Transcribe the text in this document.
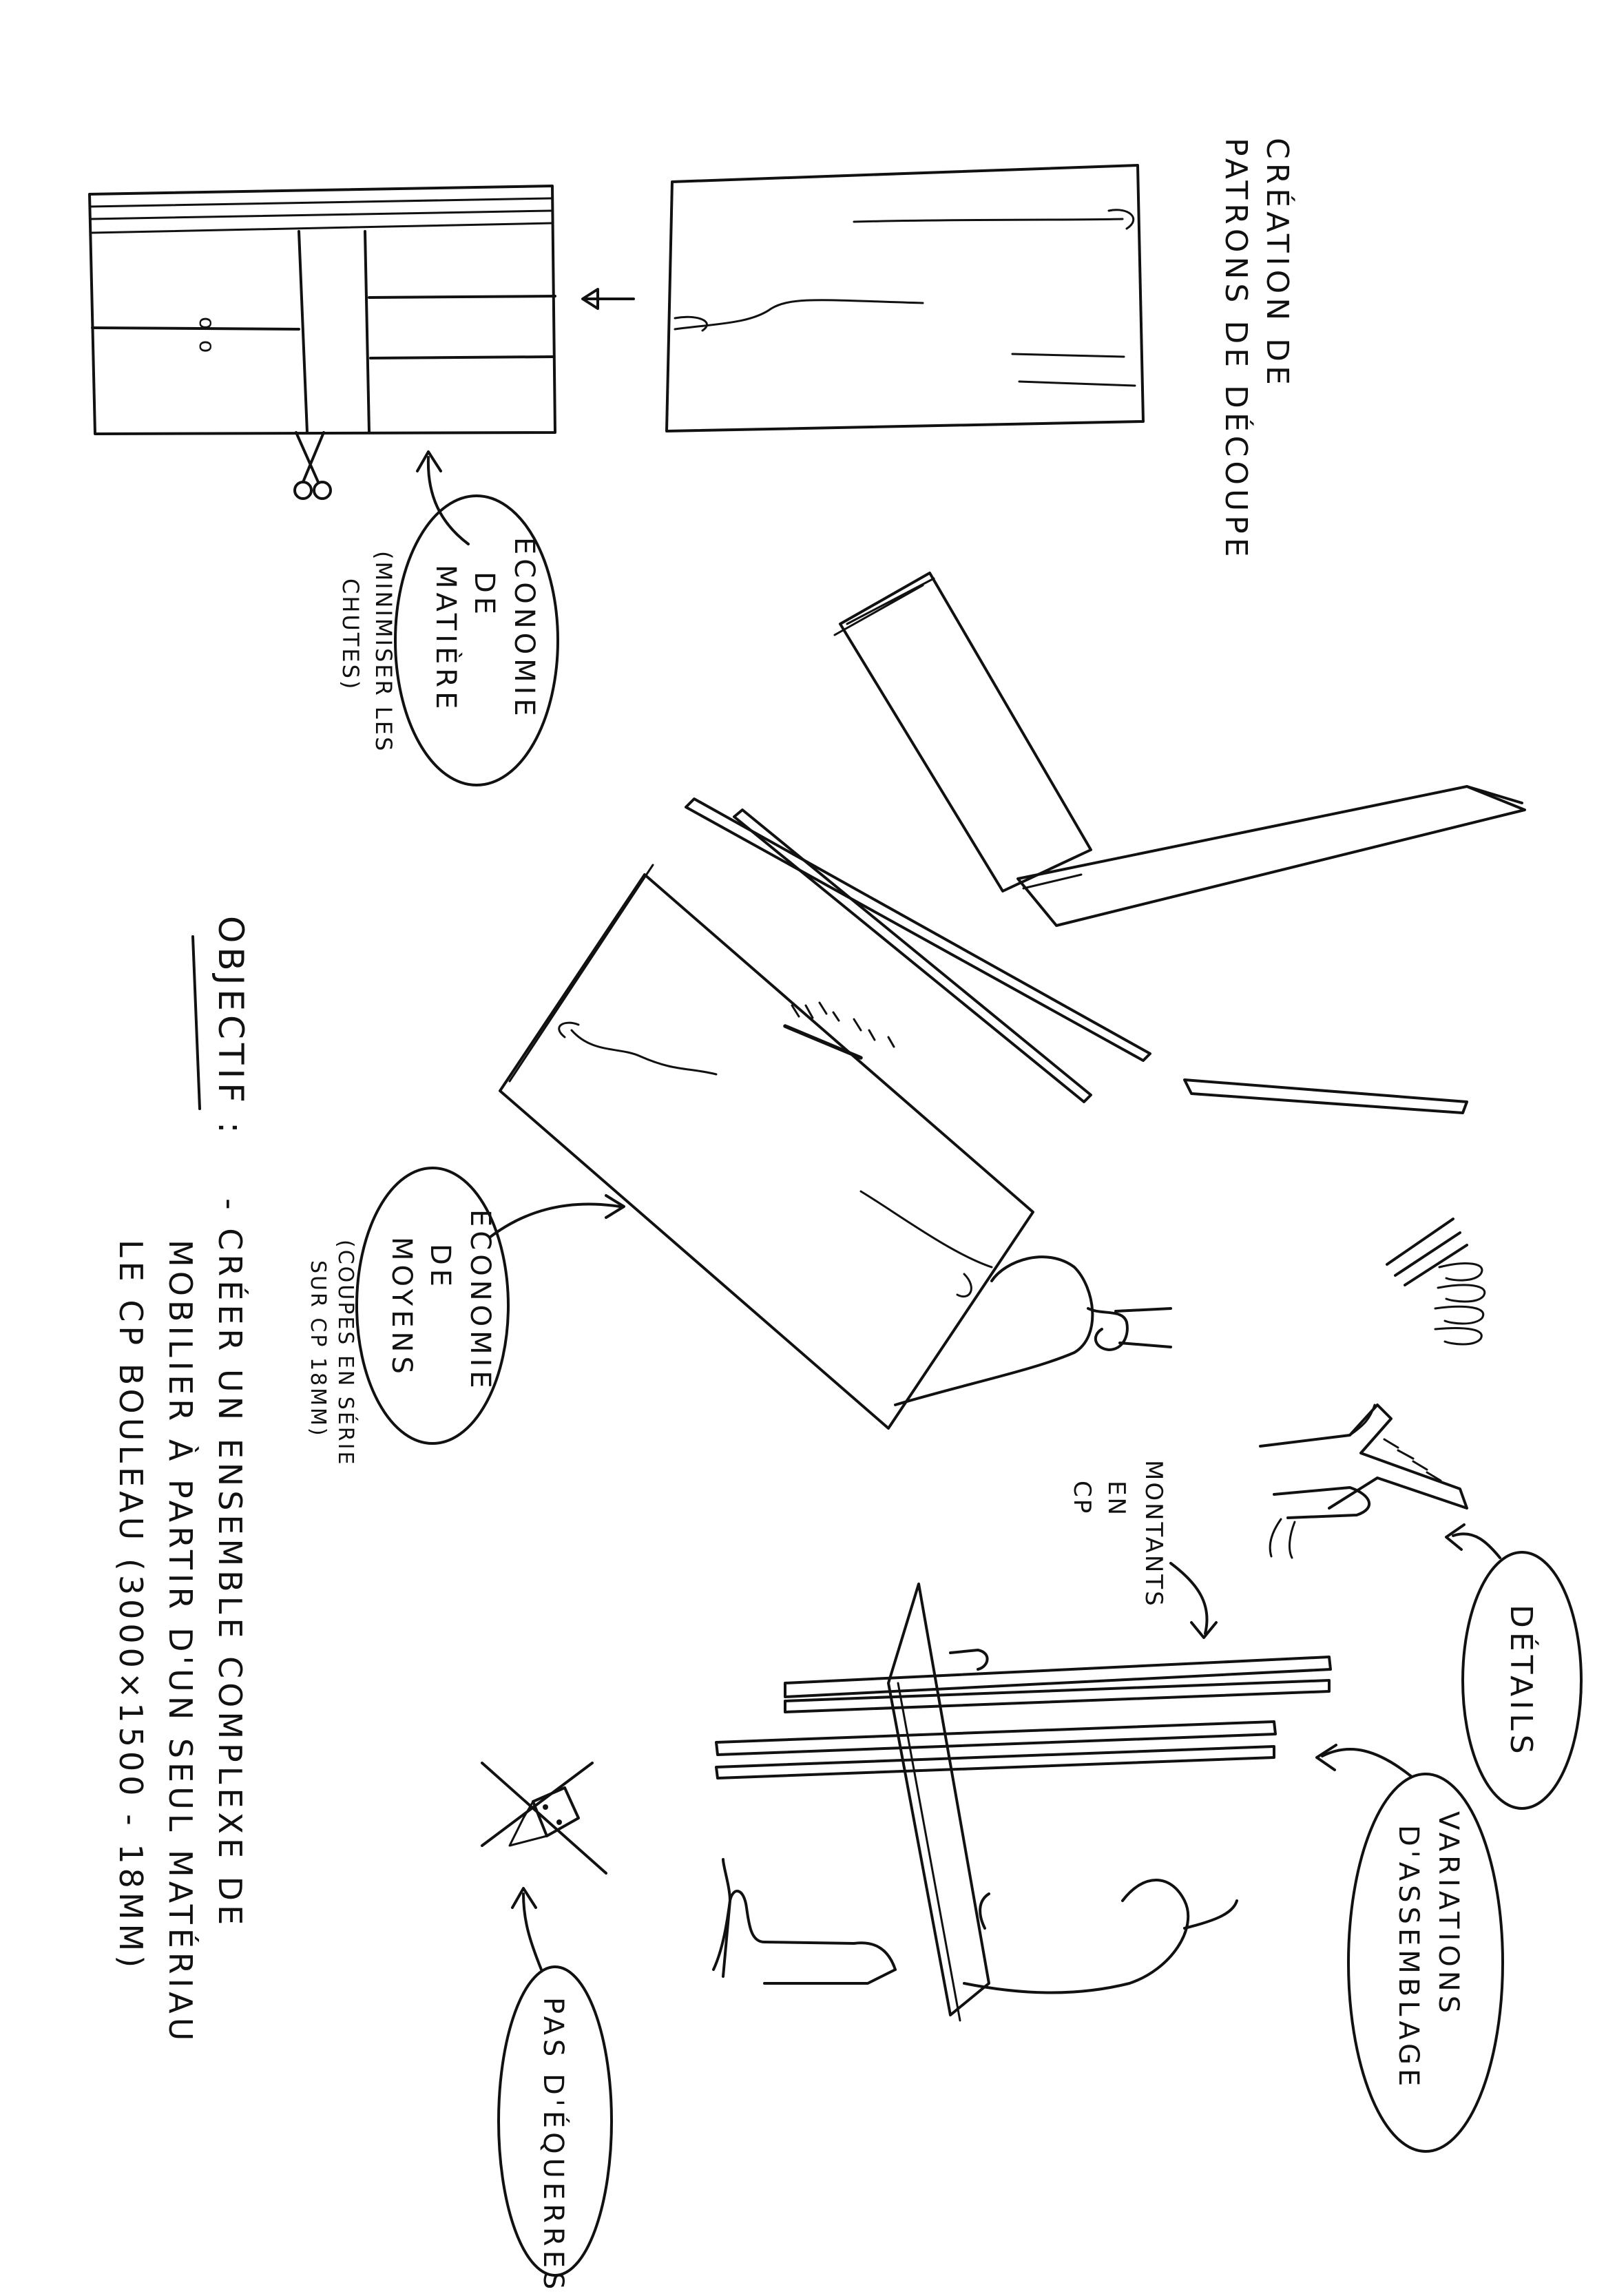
o o	CRÉATION DE
PATRONS DE DÉCOUPE
ECONOMIE
DE
MATIÈRE
(MINIMISER LES
CHUTES)
OBJECTIF :
- CRÉER UN ENSEMBLE COMPLEXE DE
MOBILIER À PARTIR D'UN SEUL MATÉRIAU
LE CP BOULEAU (3000×1500 - 18MM)	ECONOMIE
DE
MOYENS
(COUPES EN SÉRIE
SUR CP 18MM)
MONTANTS
EN
CP
DÉTAILS
VARIATIONS
D'ASSEMBLAGE
PAS D'ÉQUERRES
